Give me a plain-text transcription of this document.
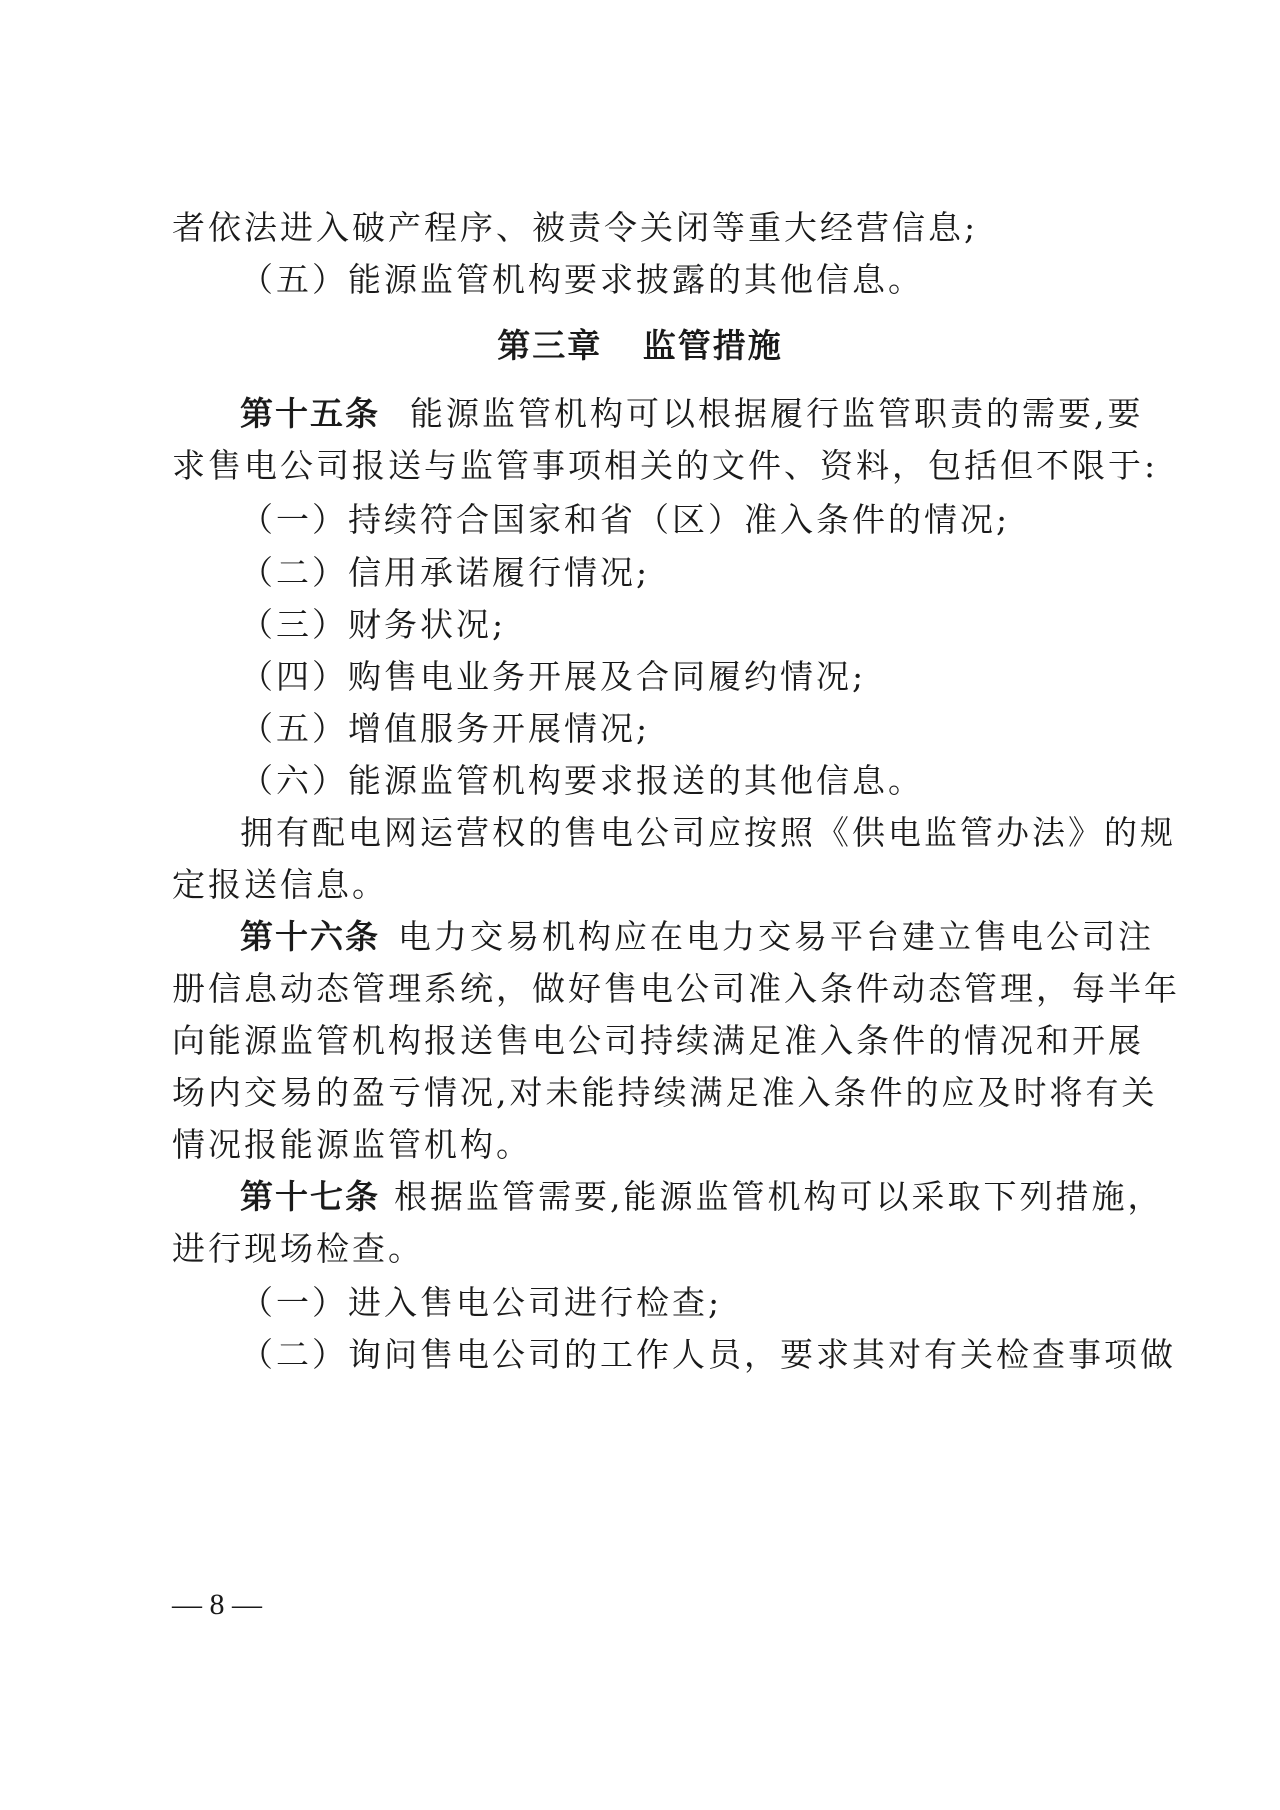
者依法进入破产程序、被责令关闭等重大经营信息;
（五）能源监管机构要求披露的其他信息。
第三章   监管措施
第十五条 能源监管机构可以根据履行监管职责的需要,要
求售电公司报送与监管事项相关的文件、资料，包括但不限于:
（一）持续符合国家和省（区）准入条件的情况;
（二）信用承诺履行情况;
（三）财务状况;
（四）购售电业务开展及合同履约情况;
（五）增值服务开展情况;
（六）能源监管机构要求报送的其他信息。
拥有配电网运营权的售电公司应按照《供电监管办法》的规
定报送信息。
第十六条 电力交易机构应在电力交易平台建立售电公司注
册信息动态管理系统，做好售电公司准入条件动态管理，每半年
向能源监管机构报送售电公司持续满足准入条件的情况和开展
场内交易的盈亏情况,对未能持续满足准入条件的应及时将有关
情况报能源监管机构。
第十七条 根据监管需要,能源监管机构可以采取下列措施，
进行现场检查。
（一）进入售电公司进行检查;
（二）询问售电公司的工作人员，要求其对有关检查事项做
— 8 —
